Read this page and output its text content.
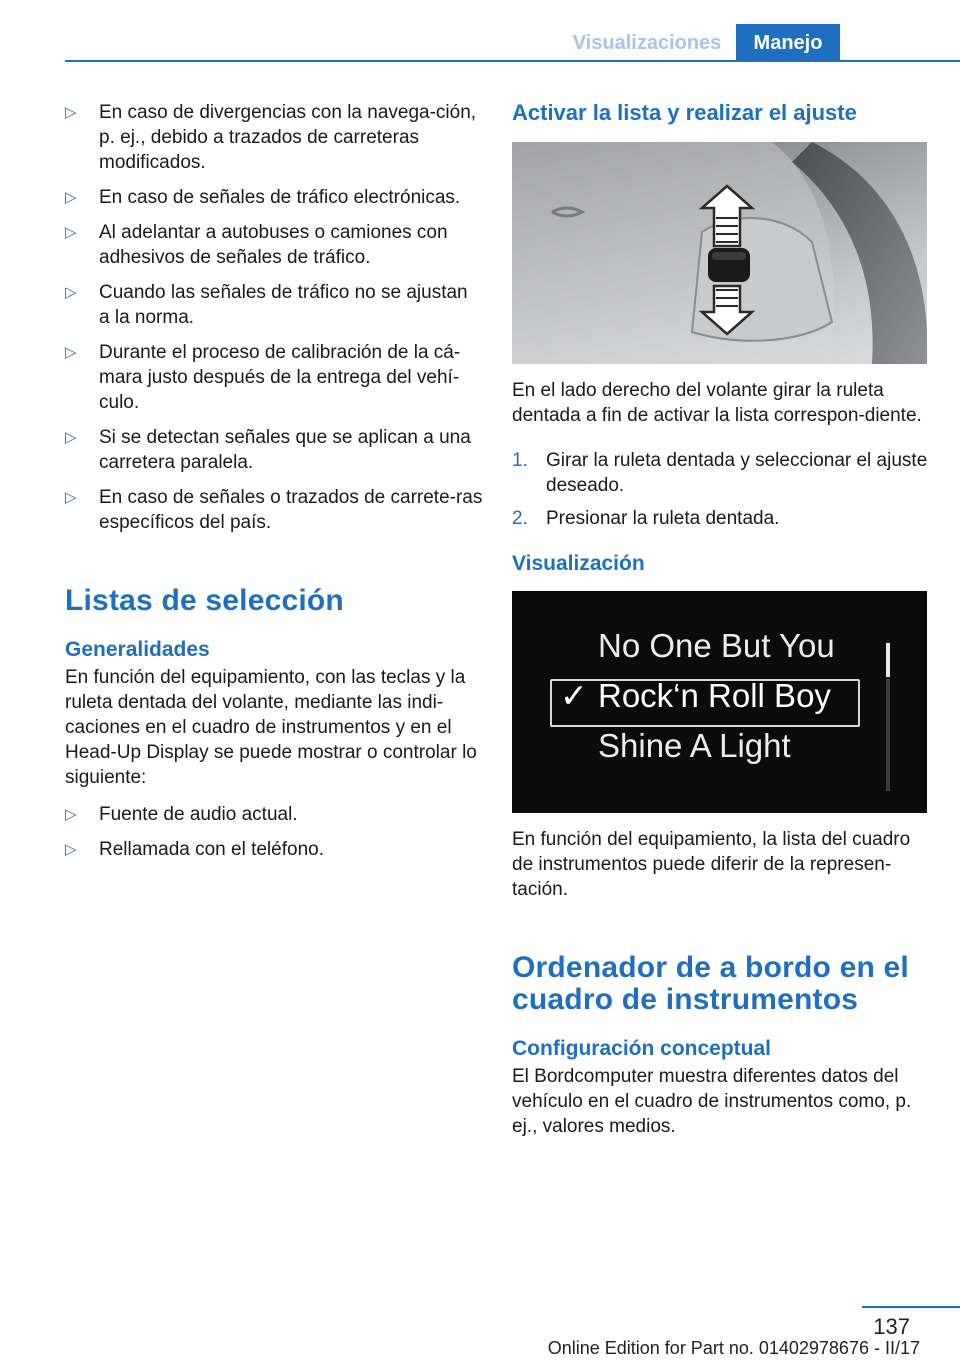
Visualizaciones	Manejo
▷ En caso de divergencias con la navega-ción, p. ej., debido a trazados de carreteras modificados.
▷ En caso de señales de tráfico electrónicas.
▷ Al adelantar a autobuses o camiones con adhesivos de señales de tráfico.
▷ Cuando las señales de tráfico no se ajustan a la norma.
▷ Durante el proceso de calibración de la cá-mara justo después de la entrega del vehí-culo.
▷ Si se detectan señales que se aplican a una carretera paralela.
▷ En caso de señales o trazados de carrete-ras específicos del país.
Listas de selección
Generalidades

En función del equipamiento, con las teclas y la ruleta dentada del volante, mediante las indi-caciones en el cuadro de instrumentos y en el Head-Up Display se puede mostrar o controlar lo siguiente:

▷ Fuente de audio actual.
▷ Rellamada con el teléfono.
Activar la lista y realizar el ajuste

En el lado derecho del volante girar la ruleta dentada a fin de activar la lista correspon-diente.

1. Girar la ruleta dentada y seleccionar el ajuste deseado.
2. Presionar la ruleta dentada.
Visualización
No One But You
✓ Rock‘n Roll Boy
Shine A Light

En función del equipamiento, la lista del cuadro de instrumentos puede diferir de la represen-tación.

Ordenador de a bordo en el cuadro de instrumentos
Configuración conceptual

El Bordcomputer muestra diferentes datos del vehículo en el cuadro de instrumentos como, p. ej., valores medios.

137
Online Edition for Part no. 01402978676 - II/17
